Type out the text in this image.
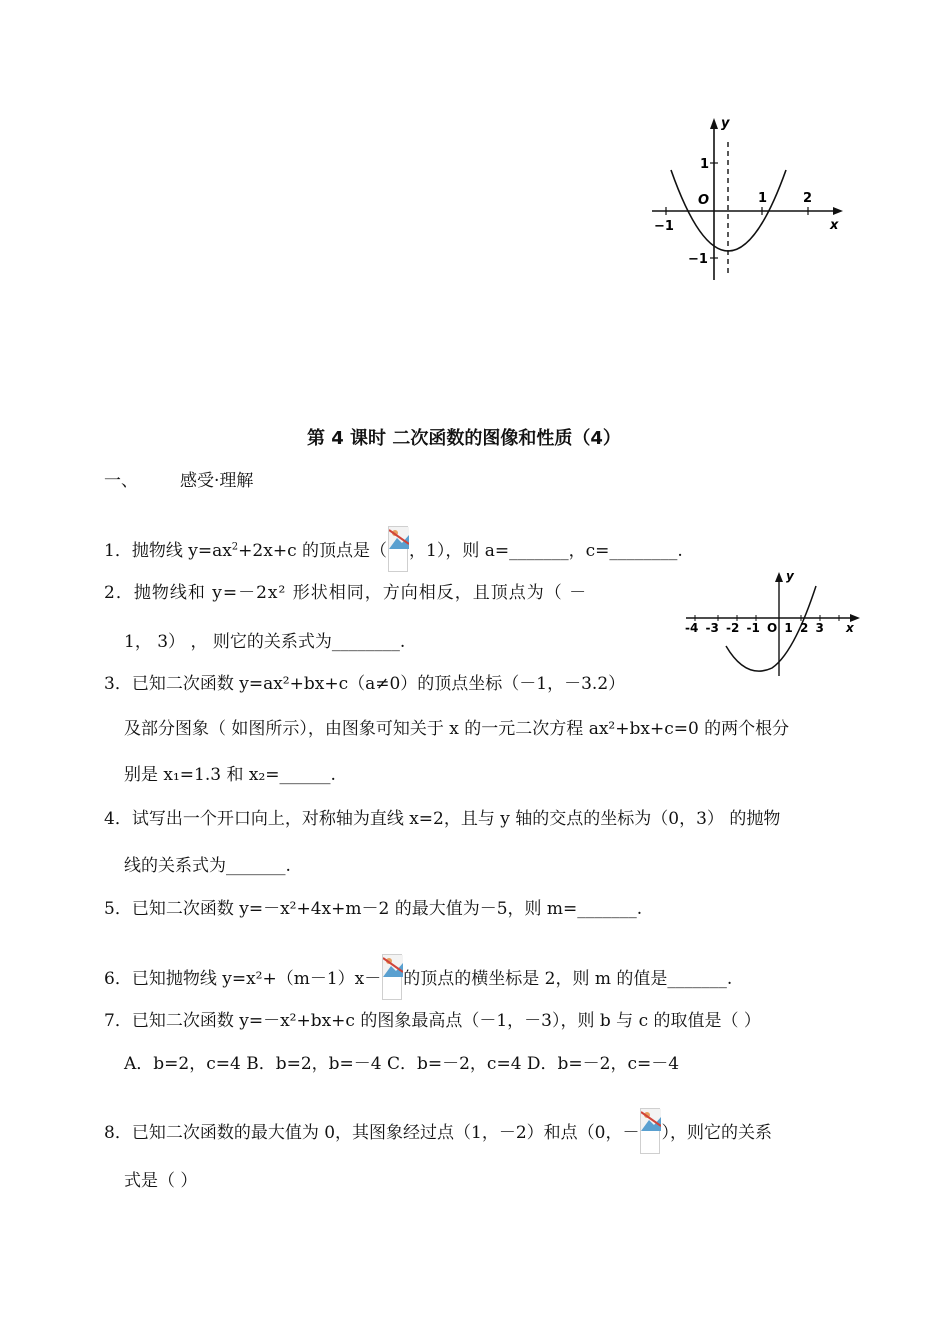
y
x
O
1
−1
−1
1	2
第 4 课时 二次函数的图像和性质（4）
一、 感受·理解
1．抛物线 $y=ax^2+2x+c$ 的顶点是（ ，1），则 a=_______，c=________.
2．抛物线和 y=－2x² 形状相同，方向相反，且顶点为（ －
1， 3） ， 则它的关系式为________.
-4 -3 -2 -1 O 1 2 3
y
x
3．已知二次函数 y=ax²+bx+c（a≠0）的顶点坐标（－1，－3.2）
及部分图象（ 如图所示），由图象可知关于 x 的一元二次方程 ax²+bx+c=0 的两个根分
别是 x₁=1.3 和 x₂=______.
4．试写出一个开口向上，对称轴为直线 x=2，且与 y 轴的交点的坐标为（0，3） 的抛物
线的关系式为_______.
5．已知二次函数 y=－x²+4x+m－2 的最大值为－5，则 m=_______.
6．已知抛物线 y=x²+（m－1）x－ 的顶点的横坐标是 2，则 m 的值是_______.
7．已知二次函数 y=－x²+bx+c 的图象最高点（－1，－3），则 b 与 c 的取值是（ ）
A．b=2，c=4 B．b=2，b=－4 C．b=－2，c=4 D．b=－2，c=－4
8．已知二次函数的最大值为 0，其图象经过点（1，－2）和点（0，－ ），则它的关系
式是（ ）
